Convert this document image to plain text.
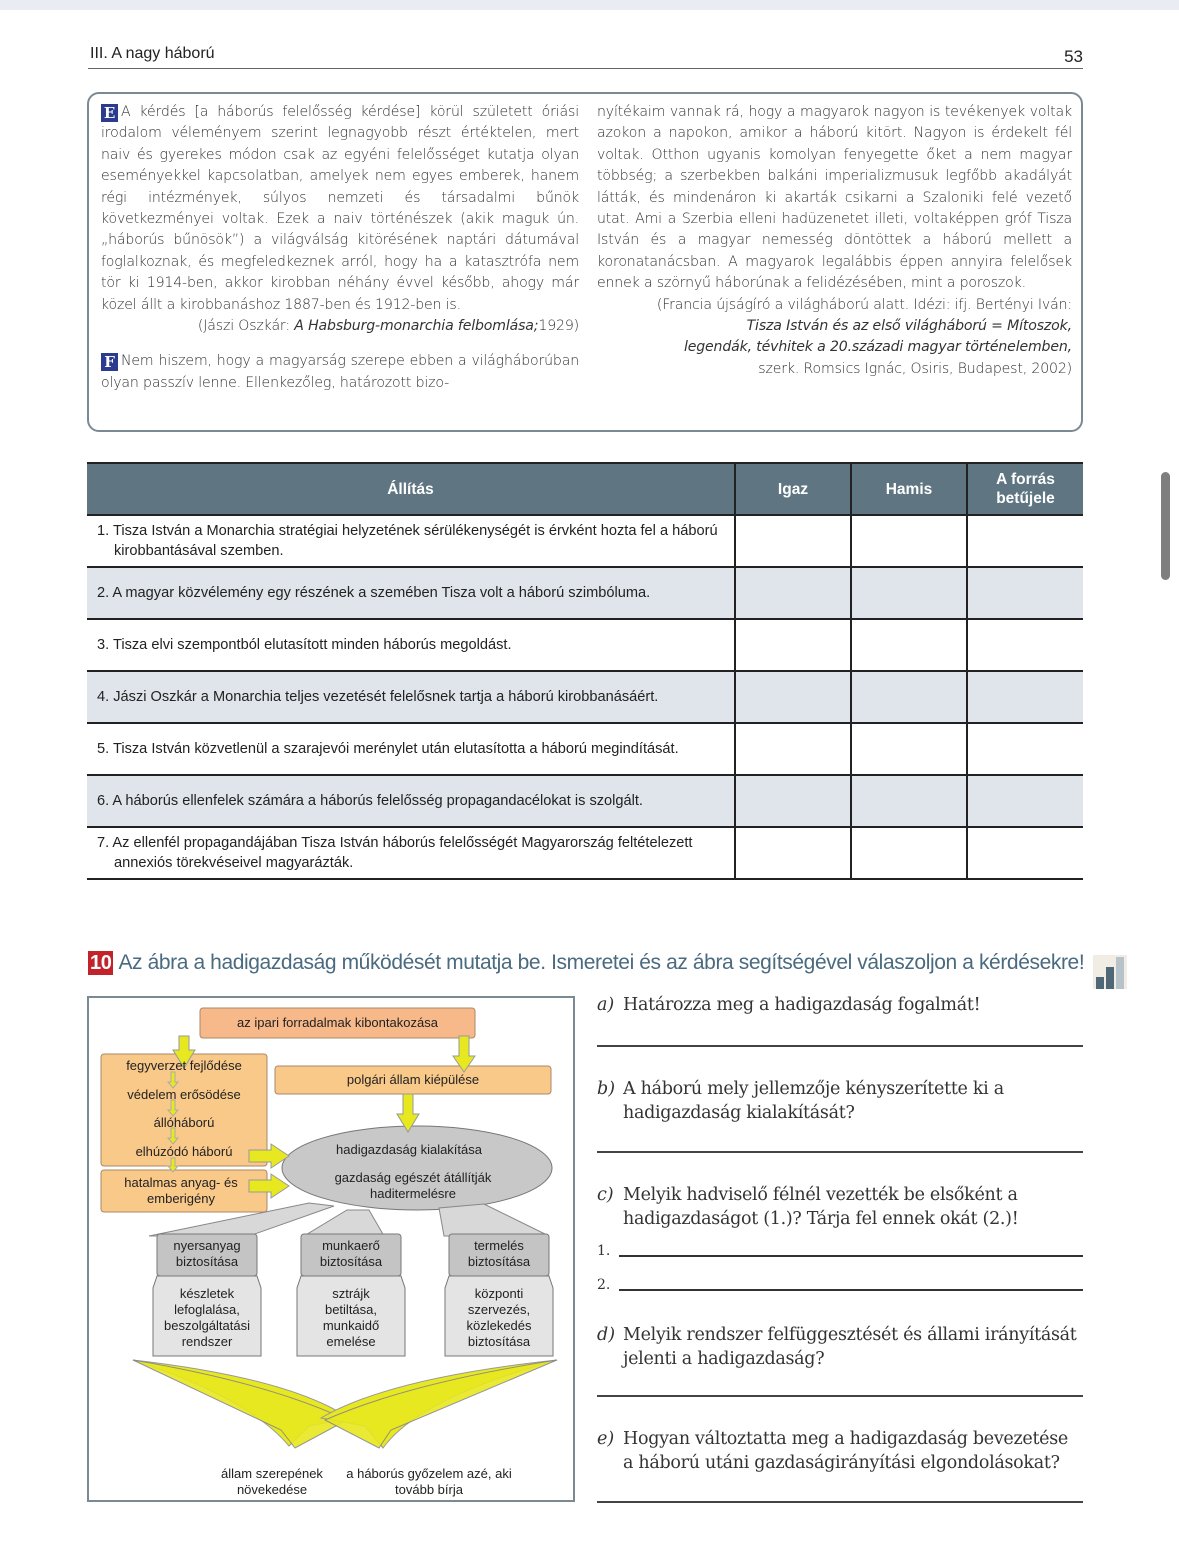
III. A nagy háború	53
E A kérdés [a háborús felelősség kérdése] körül született óriási irodalom véleményem szerint legnagyobb részt értéktelen, mert naiv és gyerekes módon csak az egyéni felelősséget kutatja olyan eseményekkel kapcsolatban, amelyek nem egyes emberek, hanem régi intézmények, súlyos nemzeti és társadalmi bűnök következményei voltak. Ezek a naiv történészek (akik maguk ún. „háborús bűnösök”) a világválság kitörésének naptári dátumával foglalkoznak, és megfeledkeznek arról, hogy ha a katasztrófa nem tör ki 1914-ben, akkor kirobban néhány évvel később, ahogy már közel állt a kirobbanáshoz 1887-ben és 1912-ben is.
(Jászi Oszkár: A Habsburg-monarchia felbomlása;1929)
F Nem hiszem, hogy a magyarság szerepe ebben a világháborúban olyan passzív lenne. Ellenkezőleg, határozott bizo-
nyítékaim vannak rá, hogy a magyarok nagyon is tevékenyek voltak azokon a napokon, amikor a háború kitört. Nagyon is érdekelt fél voltak. Otthon ugyanis komolyan fenyegette őket a nem magyar többség; a szerbekben balkáni imperializmusuk legfőbb akadályát látták, és mindenáron ki akarták csikarni a Szaloniki felé vezető utat. Ami a Szerbia elleni hadüzenetet illeti, voltaképpen gróf Tisza István és a magyar nemesség döntöttek a háború mellett a koronatanácsban. A magyarok legalábbis éppen annyira felelősek ennek a szörnyű háborúnak a felidézésében, mint a poroszok.
(Francia újságíró a világháború alatt. Idézi: ifj. Bertényi Iván:
Tisza István és az első világháború = Mítoszok,
legendák, tévhitek a 20.századi magyar történelemben,
szerk. Romsics Ignác, Osiris, Budapest, 2002)
Állítás	Igaz	Hamis	A forrás betűjele

1. Tisza István a Monarchia stratégiai helyzetének sérülékenységét is érvként hozta fel a háború kirobbantásával szemben.			

2. A magyar közvélemény egy részének a szemében Tisza volt a háború szimbóluma.			

3. Tisza elvi szempontból elutasított minden háborús megoldást.			

4. Jászi Oszkár a Monarchia teljes vezetését felelősnek tartja a háború kirobbanásáért.			

5. Tisza István közvetlenül a szarajevói merénylet után elutasította a háború megindítását.			

6. A háborús ellenfelek számára a háborús felelősség propagandacélokat is szolgált.			

7. Az ellenfél propagandájában Tisza István háborús felelősségét Magyarország feltételezett annexiós törekvéseivel magyarázták.			

10 Az ábra a hadigazdaság működését mutatja be. Ismeretei és az ábra segítségével válaszoljon a kérdésekre!
az ipari forradalmak kibontakozása
fegyverzet fejlődése
védelem erősödése
állóháború
elhúzódó háború
hatalmas anyag- és emberigény
polgári állam kiépülése
hadigazdaság kialakítása
gazdaság egészét átállítják haditermelésre
nyersanyag biztosítása
készletek lefoglalása, beszolgáltatási rendszer
munkaerő biztosítása
sztrájk betiltása, munkaidő emelése
termelés biztosítása
központi szervezés, közlekedés biztosítása
állam szerepének növekedése
a háborús győzelem azé, aki tovább bírja
a) Határozza meg a hadigazdaság fogalmát!
b) A háború mely jellemzője kényszerítette ki a hadigazdaság kialakítását?
c) Melyik hadviselő félnél vezették be elsőként a hadigazdaságot (1.)? Tárja fel ennek okát (2.)!
1.
2.
d) Melyik rendszer felfüggesztését és állami irányítását jelenti a hadigazdaság?
e) Hogyan változtatta meg a hadigazdaság bevezetése a háború utáni gazdaságirányítási elgondolásokat?
